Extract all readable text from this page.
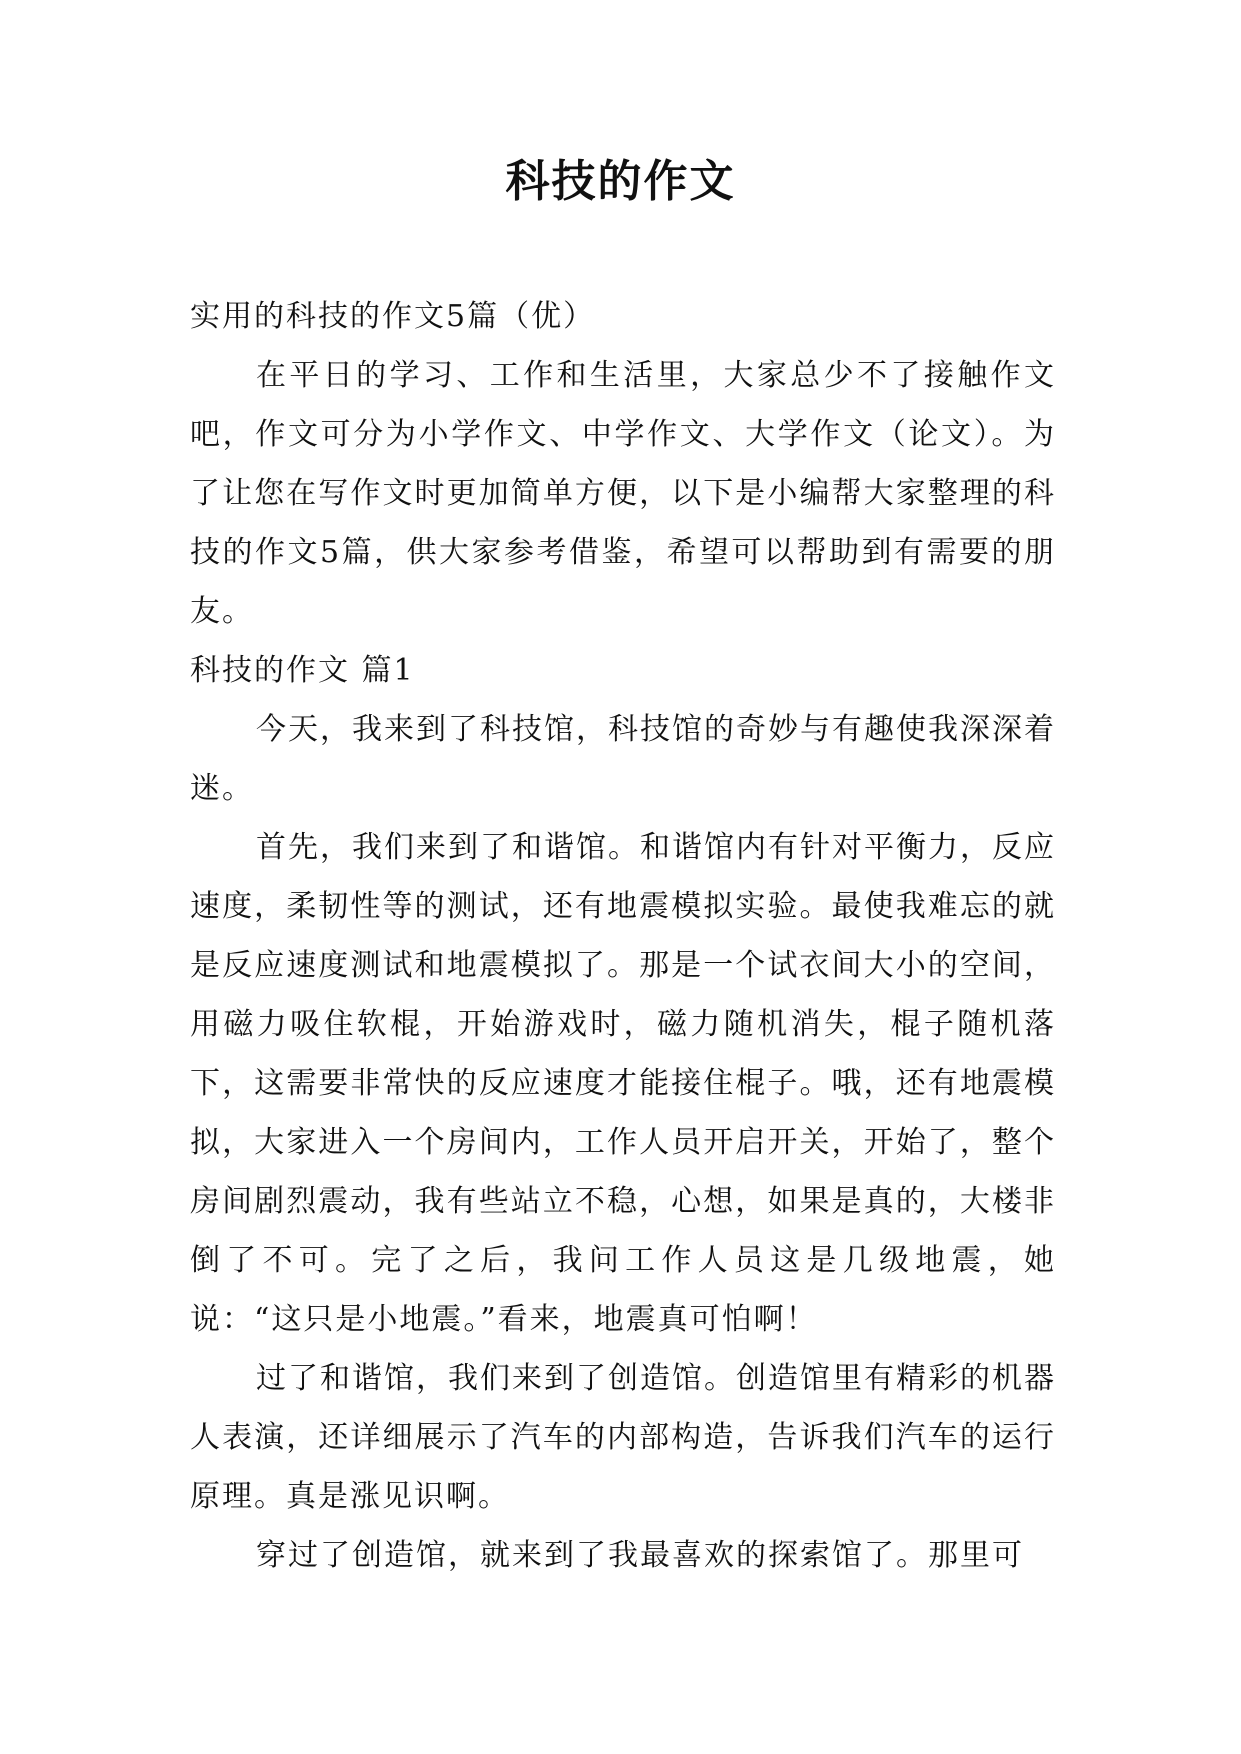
科技的作文

实用的科技的作文5篇（优）

在平日的学习、工作和生活里，大家总少不了接触作文吧，作文可分为小学作文、中学作文、大学作文（论文）。为了让您在写作文时更加简单方便，以下是小编帮大家整理的科技的作文5篇，供大家参考借鉴，希望可以帮助到有需要的朋友。

科技的作文 篇1

今天，我来到了科技馆，科技馆的奇妙与有趣使我深深着迷。

首先，我们来到了和谐馆。和谐馆内有针对平衡力，反应速度，柔韧性等的测试，还有地震模拟实验。最使我难忘的就是反应速度测试和地震模拟了。那是一个试衣间大小的空间，用磁力吸住软棍，开始游戏时，磁力随机消失，棍子随机落下，这需要非常快的反应速度才能接住棍子。哦，还有地震模拟，大家进入一个房间内，工作人员开启开关，开始了，整个房间剧烈震动，我有些站立不稳，心想，如果是真的，大楼非倒了不可。完了之后，我问工作人员这是几级地震，她说：“这只是小地震。”看来，地震真可怕啊！

过了和谐馆，我们来到了创造馆。创造馆里有精彩的机器人表演，还详细展示了汽车的内部构造，告诉我们汽车的运行原理。真是涨见识啊。

穿过了创造馆，就来到了我最喜欢的探索馆了。那里可
